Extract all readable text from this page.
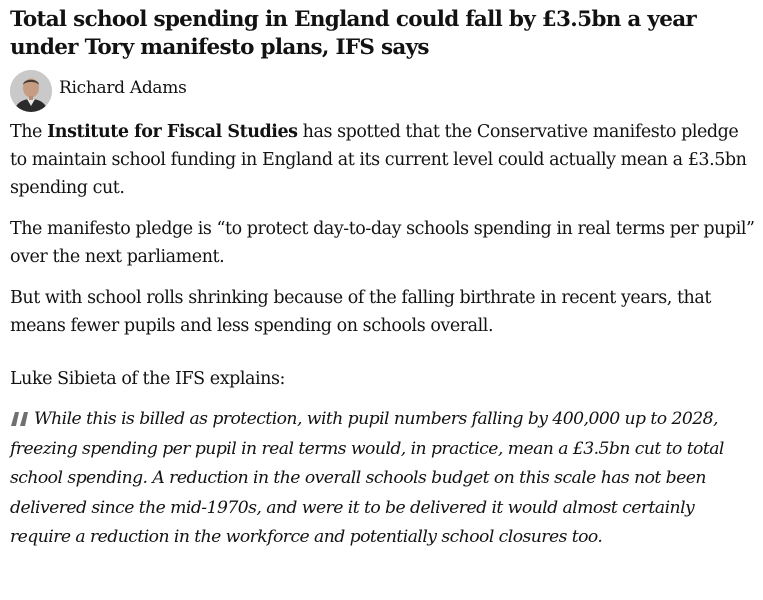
Total school spending in England could fall by £3.5bn a year under Tory manifesto plans, IFS says
Richard Adams

The Institute for Fiscal Studies has spotted that the Conservative manifesto pledge to maintain school funding in England at its current level could actually mean a £3.5bn spending cut.

The manifesto pledge is “to protect day-to-day schools spending in real terms per pupil” over the next parliament.

But with school rolls shrinking because of the falling birthrate in recent years, that means fewer pupils and less spending on schools overall.

Luke Sibieta of the IFS explains:

While this is billed as protection, with pupil numbers falling by 400,000 up to 2028, freezing spending per pupil in real terms would, in practice, mean a £3.5bn cut to total school spending. A reduction in the overall schools budget on this scale has not been delivered since the mid-1970s, and were it to be delivered it would almost certainly require a reduction in the workforce and potentially school closures too.
